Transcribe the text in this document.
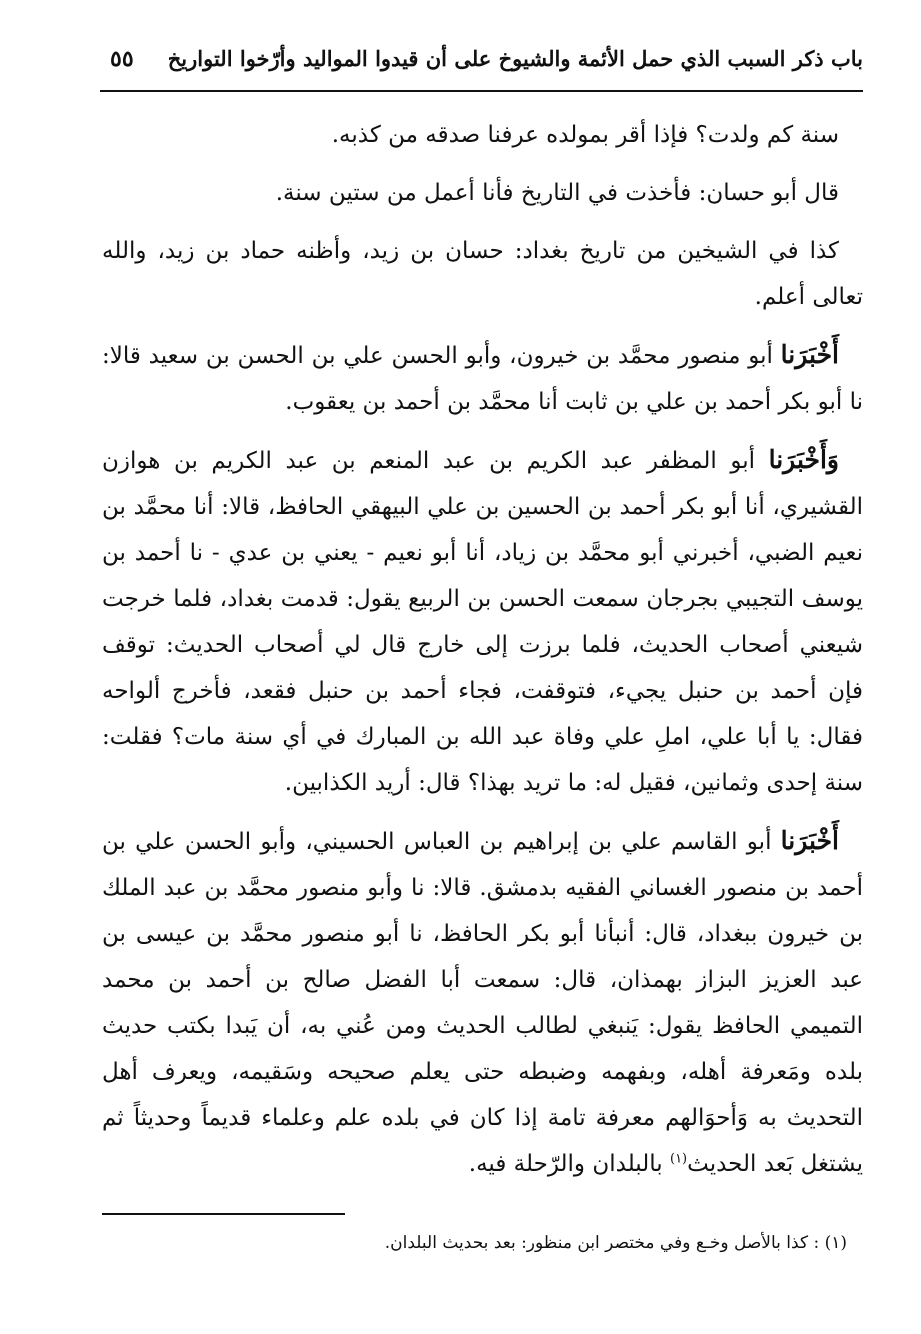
باب ذكر السبب الذي حمل الأئمة والشيوخ على أن قيدوا المواليد وأرّخوا التواريخ
٥٥

سنة كم ولدت؟ فإذا أقر بمولده عرفنا صدقه من كذبه.

قال أبو حسان: فأخذت في التاريخ فأنا أعمل من ستين سنة.

كذا في الشيخين من تاريخ بغداد: حسان بن زيد، وأظنه حماد بن زيد، والله تعالى أعلم.

أَخْبَرَنا أبو منصور محمَّد بن خيرون، وأبو الحسن علي بن الحسن بن سعيد قالا: نا أبو بكر أحمد بن علي بن ثابت أنا محمَّد بن أحمد بن يعقوب.

وَأَخْبَرَنا أبو المظفر عبد الكريم بن عبد المنعم بن عبد الكريم بن هوازن القشيري، أنا أبو بكر أحمد بن الحسين بن علي البيهقي الحافظ، قالا: أنا محمَّد بن نعيم الضبي، أخبرني أبو محمَّد بن زياد، أنا أبو نعيم - يعني بن عدي - نا أحمد بن يوسف التجيبي بجرجان سمعت الحسن بن الربيع يقول: قدمت بغداد، فلما خرجت شيعني أصحاب الحديث، فلما برزت إلى خارج قال لي أصحاب الحديث: توقف فإن أحمد بن حنبل يجيء، فتوقفت، فجاء أحمد بن حنبل فقعد، فأخرج ألواحه فقال: يا أبا علي، املِ علي وفاة عبد الله بن المبارك في أي سنة مات؟ فقلت: سنة إحدى وثمانين، فقيل له: ما تريد بهذا؟ قال: أريد الكذابين.

أَخْبَرَنا أبو القاسم علي بن إبراهيم بن العباس الحسيني، وأبو الحسن علي بن أحمد بن منصور الغساني الفقيه بدمشق. قالا: نا وأبو منصور محمَّد بن عبد الملك بن خيرون ببغداد، قال: أنبأنا أبو بكر الحافظ، نا أبو منصور محمَّد بن عيسى بن عبد العزيز البزاز بهمذان، قال: سمعت أبا الفضل صالح بن أحمد بن محمد التميمي الحافظ يقول: يَنبغي لطالب الحديث ومن عُني به، أن يَبدا بكتب حديث بلده ومَعرفة أهله، وبفهمه وضبطه حتى يعلم صحيحه وسَقيمه، ويعرف أهل التحديث به وَأحوَالهم معرفة تامة إذا كان في بلده علم وعلماء قديماً وحديثاً ثم يشتغل بَعد الحديث$^{(١)}$ بالبلدان والرّحلة فيه.

(١) : كذا بالأصل وخـع وفي مختصر ابن منظور: بعد بحديث البلدان.
